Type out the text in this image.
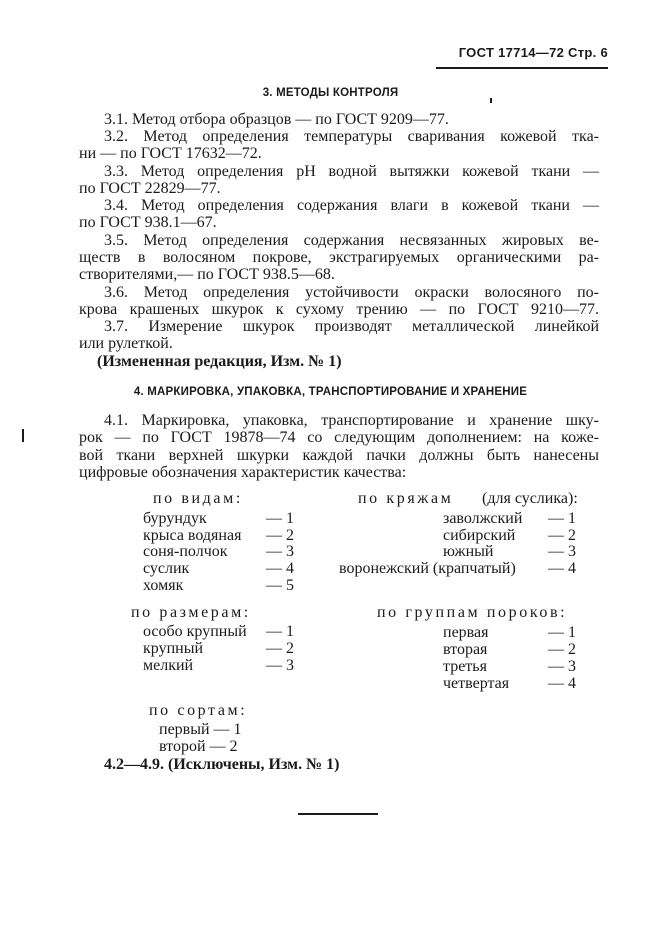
ГОСТ 17714—72 Стр. 6
3. МЕТОДЫ КОНТРОЛЯ
3.1. Метод отбора образцов — по ГОСТ 9209—77.
3.2. Метод определения температуры сваривания кожевой тка-
ни — по ГОСТ 17632—72.
3.3. Метод определения pH водной вытяжки кожевой ткани —
по ГОСТ 22829—77.
3.4. Метод определения содержания влаги в кожевой ткани —
по ГОСТ 938.1—67.
3.5. Метод определения содержания несвязанных жировых ве-
ществ в волосяном покрове, экстрагируемых органическими ра-
створителями,— по ГОСТ 938.5—68.
3.6. Метод определения устойчивости окраски волосяного по-
крова крашеных шкурок к сухому трению — по ГОСТ 9210—77.
3.7. Измерение шкурок производят металлической линейкой
или рулеткой.
(Измененная редакция, Изм. № 1)
4. МАРКИРОВКА, УПАКОВКА, ТРАНСПОРТИРОВАНИЕ И ХРАНЕНИЕ
4.1. Маркировка, упаковка, транспортирование и хранение шку-
рок — по ГОСТ 19878—74 со следующим дополнением: на коже-
вой ткани верхней шкурки каждой пачки должны быть нанесены
цифровые обозначения характеристик качества:
по видам:
бурундук	— 1
крыса водяная	— 2
соня-полчок	— 3
суслик	— 4
хомяк	— 5
по кряжам	(для суслика):
заволжский	— 1
сибирский	— 2
южный	— 3
воронежский (крапчатый)	— 4
по размерам:
особо крупный	— 1
крупный	— 2
мелкий	— 3
по группам пороков:
первая	— 1
вторая	— 2
третья	— 3
четвертая	— 4
по сортам:
первый — 1
второй — 2
4.2—4.9. (Исключены, Изм. № 1)
